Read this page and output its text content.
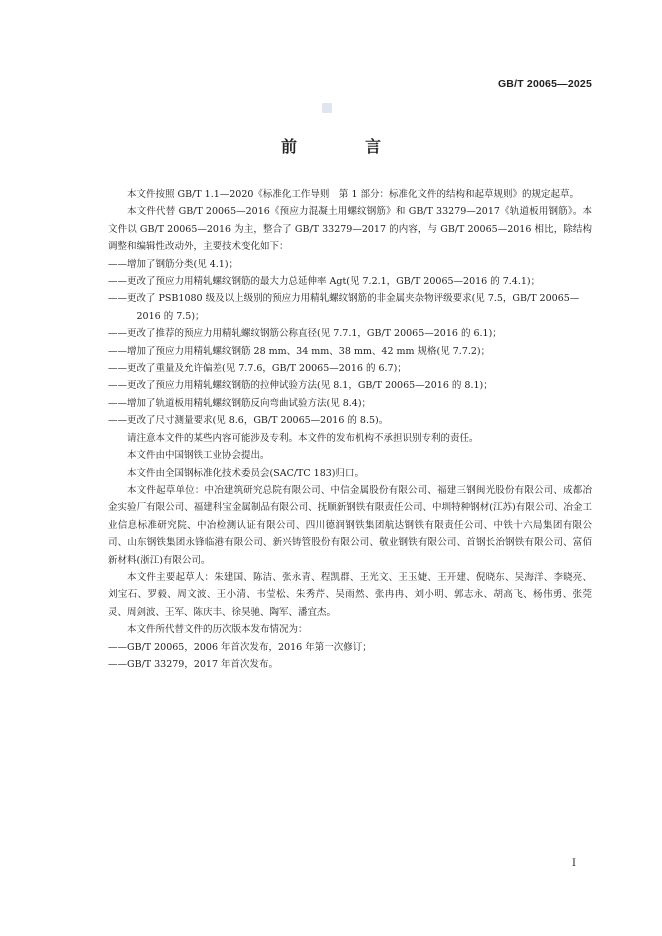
GB/T 20065—2025
前　言

本文件按照 GB/T 1.1—2020《标准化工作导则　第 1 部分：标准化文件的结构和起草规则》的规定起草。

本文件代替 GB/T 20065—2016《预应力混凝土用螺纹钢筋》和 GB/T 33279—2017《轨道板用钢筋》。本文件以 GB/T 20065—2016 为主，整合了 GB/T 33279—2017 的内容，与 GB/T 20065—2016 相比，除结构调整和编辑性改动外，主要技术变化如下：

——增加了钢筋分类(见 4.1)；

——更改了预应力用精轧螺纹钢筋的最大力总延伸率 Agt(见 7.2.1，GB/T 20065—2016 的 7.4.1)；

——更改了 PSB1080 级及以上级别的预应力用精轧螺纹钢筋的非金属夹杂物评级要求(见 7.5，GB/T 20065—2016 的 7.5)；

——更改了推荐的预应力用精轧螺纹钢筋公称直径(见 7.7.1，GB/T 20065—2016 的 6.1)；

——增加了预应力用精轧螺纹钢筋 28 mm、34 mm、38 mm、42 mm 规格(见 7.7.2)；

——更改了重量及允许偏差(见 7.7.6，GB/T 20065—2016 的 6.7)；

——更改了预应力用精轧螺纹钢筋的拉伸试验方法(见 8.1，GB/T 20065—2016 的 8.1)；

——增加了轨道板用精轧螺纹钢筋反向弯曲试验方法(见 8.4)；

——更改了尺寸测量要求(见 8.6，GB/T 20065—2016 的 8.5)。

请注意本文件的某些内容可能涉及专利。本文件的发布机构不承担识别专利的责任。

本文件由中国钢铁工业协会提出。

本文件由全国钢标准化技术委员会(SAC/TC 183)归口。

本文件起草单位：中冶建筑研究总院有限公司、中信金属股份有限公司、福建三钢闽光股份有限公司、成都冶金实验厂有限公司、福建科宝金属制品有限公司、抚顺新钢铁有限责任公司、中圳特种钢材(江苏)有限公司、冶金工业信息标准研究院、中冶检测认证有限公司、四川德润钢铁集团航达钢铁有限责任公司、中铁十六局集团有限公司、山东钢铁集团永锋临港有限公司、新兴铸管股份有限公司、敬业钢铁有限公司、首钢长治钢铁有限公司、富佰新材料(浙江)有限公司。

本文件主要起草人：朱建国、陈洁、张永青、程凯群、王光文、王玉婕、王开建、倪晓东、吴海洋、李晓亮、刘宝石、罗毅、周文波、王小清、韦莹松、朱秀芹、吴雨然、张冉冉、刘小明、郭志永、胡高飞、杨伟勇、张莞灵、周剑波、王军、陈庆丰、徐昊驰、陶军、潘宜杰。

本文件所代替文件的历次版本发布情况为：

——GB/T 20065，2006 年首次发布，2016 年第一次修订；

——GB/T 33279，2017 年首次发布。

I
